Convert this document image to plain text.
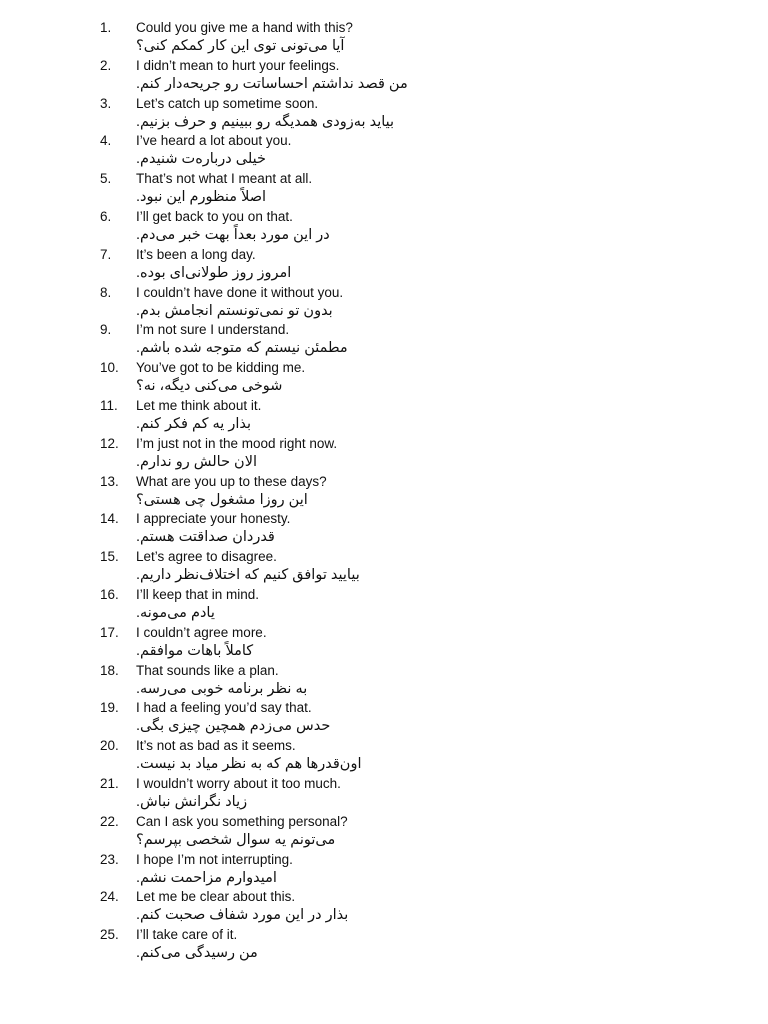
1.	Could you give me a hand with this?
آیا می‌تونی توی این کار کمکم کنی؟
2.	I didn’t mean to hurt your feelings.
من قصد نداشتم احساساتت رو جریحه‌دار کنم.
3.	Let’s catch up sometime soon.
بیاید به‌زودی همدیگه رو ببینیم و حرف بزنیم.
4.	I’ve heard a lot about you.
خیلی درباره‌ت شنیدم.
5.	That’s not what I meant at all.
اصلاً منظورم این نبود.
6.	I’ll get back to you on that.
در این مورد بعداً بهت خبر می‌دم.
7.	It’s been a long day.
امروز روز طولانی‌ای بوده.
8.	I couldn’t have done it without you.
بدون تو نمی‌تونستم انجامش بدم.
9.	I’m not sure I understand.
مطمئن نیستم که متوجه شده باشم.
10.	You’ve got to be kidding me.
شوخی می‌کنی دیگه، نه؟
11.	Let me think about it.
بذار یه کم فکر کنم.
12.	I’m just not in the mood right now.
الان حالش رو ندارم.
13.	What are you up to these days?
این روزا مشغول چی هستی؟
14.	I appreciate your honesty.
قدردان صداقتت هستم.
15.	Let’s agree to disagree.
بیایید توافق کنیم که اختلاف‌نظر داریم.
16.	I’ll keep that in mind.
یادم می‌مونه.
17.	I couldn’t agree more.
کاملاً باهات موافقم.
18.	That sounds like a plan.
به نظر برنامه خوبی می‌رسه.
19.	I had a feeling you’d say that.
حدس می‌زدم همچین چیزی بگی.
20.	It’s not as bad as it seems.
اون‌قدرها هم که به نظر میاد بد نیست.
21.	I wouldn’t worry about it too much.
زیاد نگرانش نباش.
22.	Can I ask you something personal?
می‌تونم یه سوال شخصی بپرسم؟
23.	I hope I’m not interrupting.
امیدوارم مزاحمت نشم.
24.	Let me be clear about this.
بذار در این مورد شفاف صحبت کنم.
25.	I’ll take care of it.
من رسیدگی می‌کنم.
